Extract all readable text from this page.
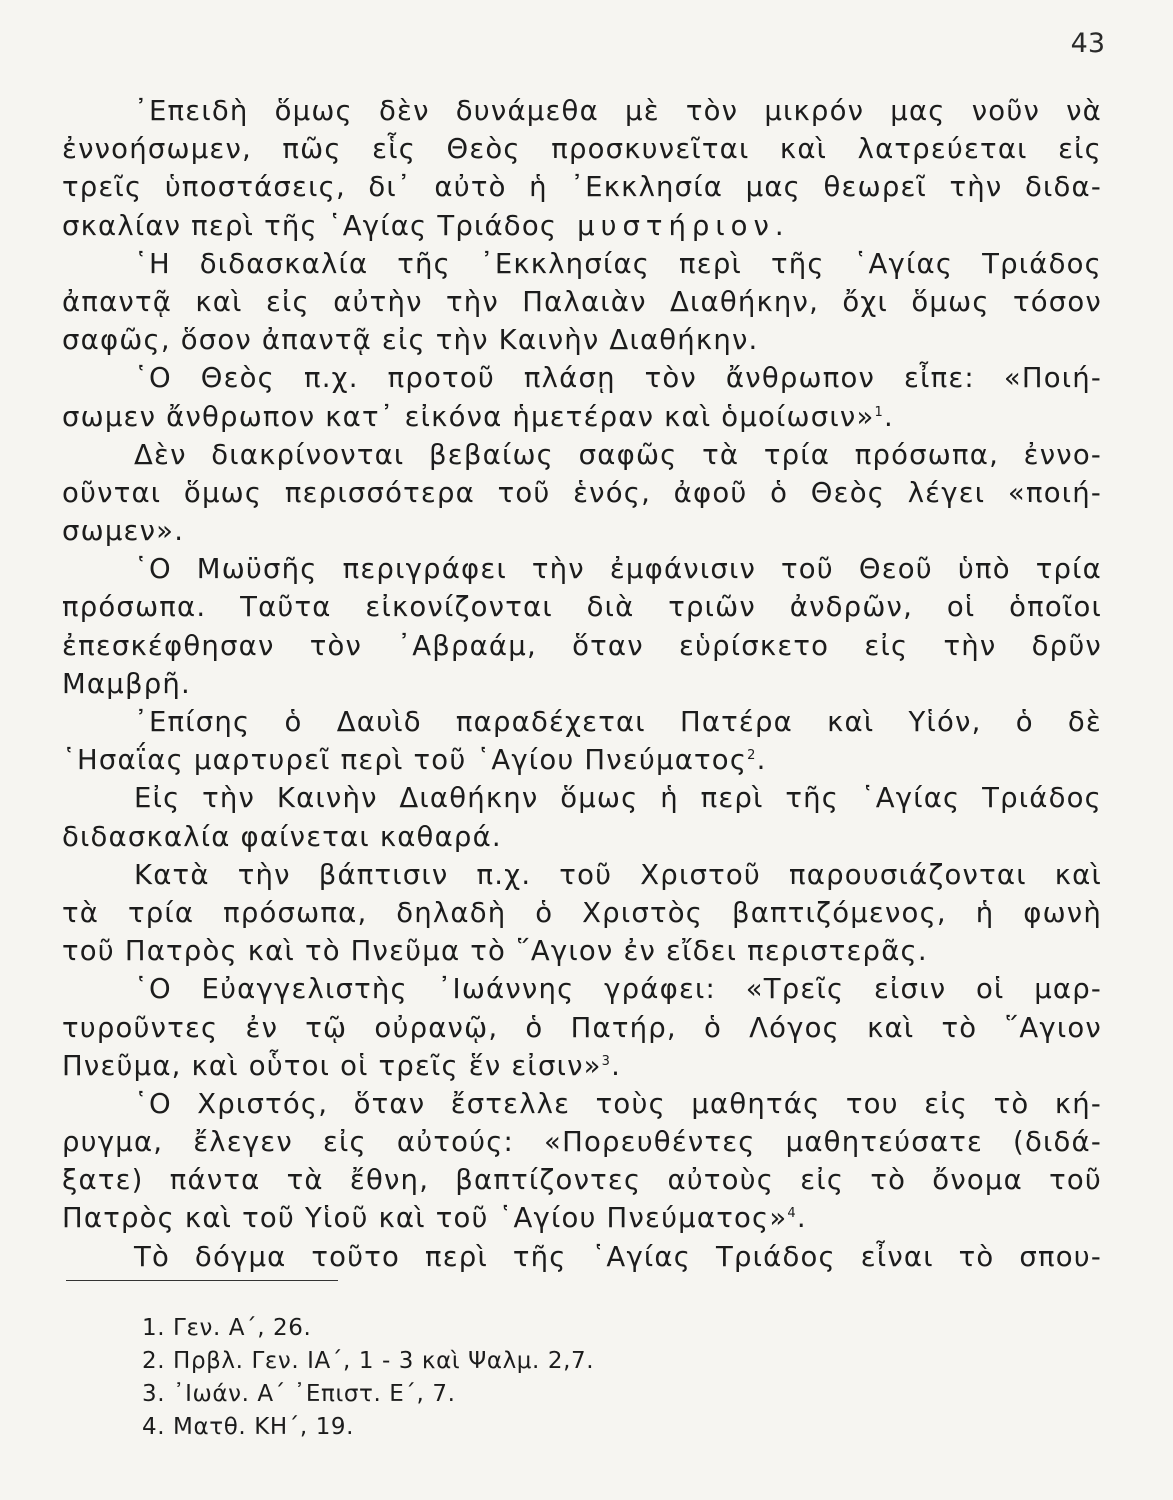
43
᾿Επειδὴ ὅμως δὲν δυνάμεθα μὲ τὸν μικρόν μας νοῦν νὰ
ἐννοήσωμεν, πῶς εἷς Θεὸς προσκυνεῖται καὶ λατρεύεται εἰς
τρεῖς ὑποστάσεις, δι᾿ αὐτὸ ἡ ᾿Εκκλησία μας θεωρεῖ τὴν διδα-
σκαλίαν περὶ τῆς ῾Αγίας Τριάδος μυστήριον.
῾Η διδασκαλία τῆς ᾿Εκκλησίας περὶ τῆς ῾Αγίας Τριάδος
ἀπαντᾷ καὶ εἰς αὐτὴν τὴν Παλαιὰν Διαθήκην, ὄχι ὅμως τόσον
σαφῶς, ὅσον ἀπαντᾷ εἰς τὴν Καινὴν Διαθήκην.
῾Ο Θεὸς π.χ. προτοῦ πλάσῃ τὸν ἄνθρωπον εἶπε: «Ποιή-
σωμεν ἄνθρωπον κατ᾿ εἰκόνα ἡμετέραν καὶ ὁμοίωσιν»$^1$.
Δὲν διακρίνονται βεβαίως σαφῶς τὰ τρία πρόσωπα, ἐννο-
οῦνται ὅμως περισσότερα τοῦ ἑνός, ἀφοῦ ὁ Θεὸς λέγει «ποιή-
σωμεν».
῾Ο Μωϋσῆς περιγράφει τὴν ἐμφάνισιν τοῦ Θεοῦ ὑπὸ τρία
πρόσωπα. Ταῦτα εἰκονίζονται διὰ τριῶν ἀνδρῶν, οἱ ὁποῖοι
ἐπεσκέφθησαν τὸν ᾿Αβραάμ, ὅταν εὑρίσκετο εἰς τὴν δρῦν
Μαμβρῆ.
᾿Επίσης ὁ Δαυὶδ παραδέχεται Πατέρα καὶ Υἱόν, ὁ δὲ
῾Ησαΐας μαρτυρεῖ περὶ τοῦ ῾Αγίου Πνεύματος$^2$.
Εἰς τὴν Καινὴν Διαθήκην ὅμως ἡ περὶ τῆς ῾Αγίας Τριάδος
διδασκαλία φαίνεται καθαρά.
Κατὰ τὴν βάπτισιν π.χ. τοῦ Χριστοῦ παρουσιάζονται καὶ
τὰ τρία πρόσωπα, δηλαδὴ ὁ Χριστὸς βαπτιζόμενος, ἡ φωνὴ
τοῦ Πατρὸς καὶ τὸ Πνεῦμα τὸ ῞Αγιον ἐν εἴδει περιστερᾶς.
῾Ο Εὐαγγελιστὴς ᾿Ιωάννης γράφει: «Τρεῖς εἰσιν οἱ μαρ-
τυροῦντες ἐν τῷ οὐρανῷ, ὁ Πατήρ, ὁ Λόγος καὶ τὸ ῞Αγιον
Πνεῦμα, καὶ οὗτοι οἱ τρεῖς ἕν εἰσιν»$^3$.
῾Ο Χριστός, ὅταν ἔστελλε τοὺς μαθητάς του εἰς τὸ κή-
ρυγμα, ἔλεγεν εἰς αὐτούς: «Πορευθέντες μαθητεύσατε (διδά-
ξατε) πάντα τὰ ἔθνη, βαπτίζοντες αὐτοὺς εἰς τὸ ὄνομα τοῦ
Πατρὸς καὶ τοῦ Υἱοῦ καὶ τοῦ ῾Αγίου Πνεύματος»$^4$.
Τὸ δόγμα τοῦτο περὶ τῆς ῾Αγίας Τριάδος εἶναι τὸ σπου-
1. Γεν. Α΄, 26.
2. Πρβλ. Γεν. ΙΑ΄, 1 - 3 καὶ Ψαλμ. 2,7.
3. ᾿Ιωάν. Α΄ ᾿Επιστ. Ε΄, 7.
4. Ματθ. ΚΗ΄, 19.
